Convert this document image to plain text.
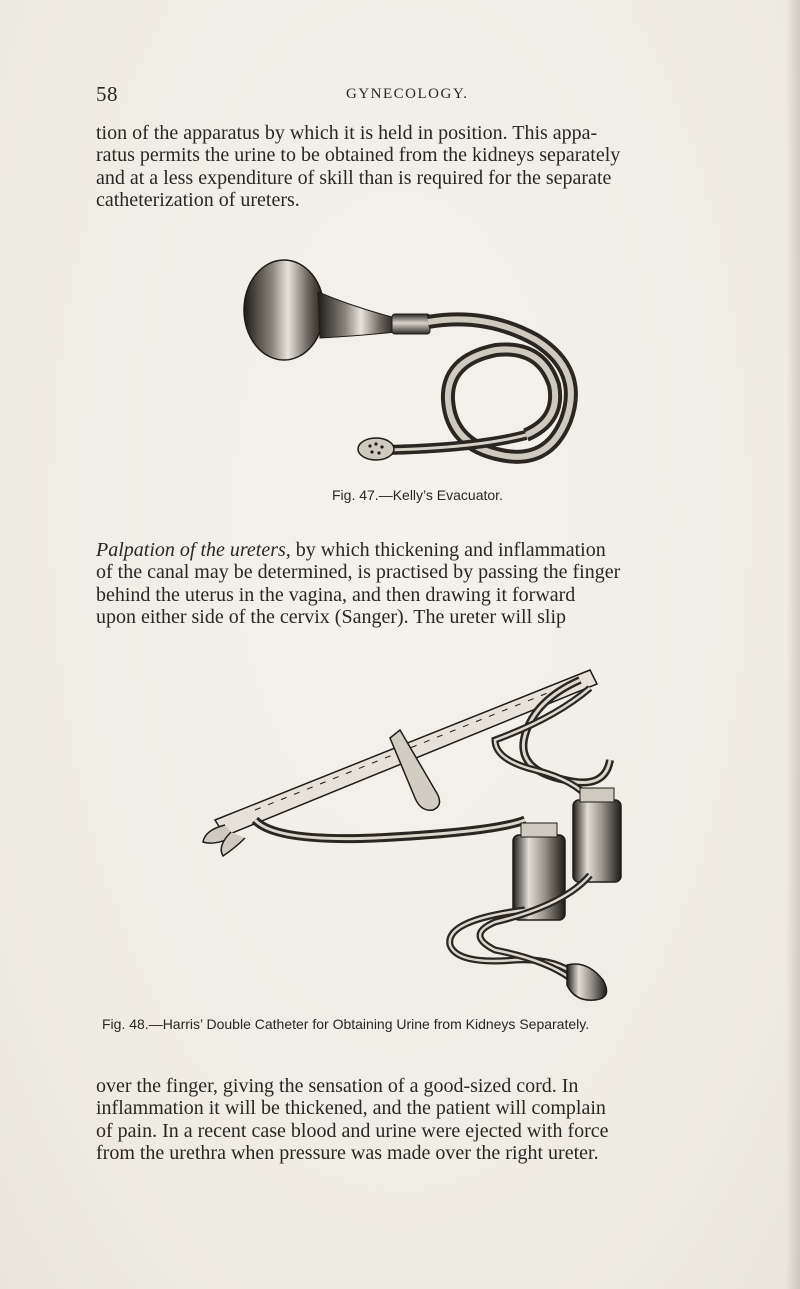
58	GYNECOLOGY.

tion of the apparatus by which it is held in position. This appa-
ratus permits the urine to be obtained from the kidneys separately
and at a less expenditure of skill than is required for the separate
catheterization of ureters.

Fig. 47.—Kelly’s Evacuator.

Palpation of the ureters, by which thickening and inflammation
of the canal may be determined, is practised by passing the finger
behind the uterus in the vagina, and then drawing it forward
upon either side of the cervix (Sanger). The ureter will slip

Fig. 48.—Harris’ Double Catheter for Obtaining Urine from Kidneys Separately.

over the finger, giving the sensation of a good-sized cord. In
inflammation it will be thickened, and the patient will complain
of pain. In a recent case blood and urine were ejected with force
from the urethra when pressure was made over the right ureter.
